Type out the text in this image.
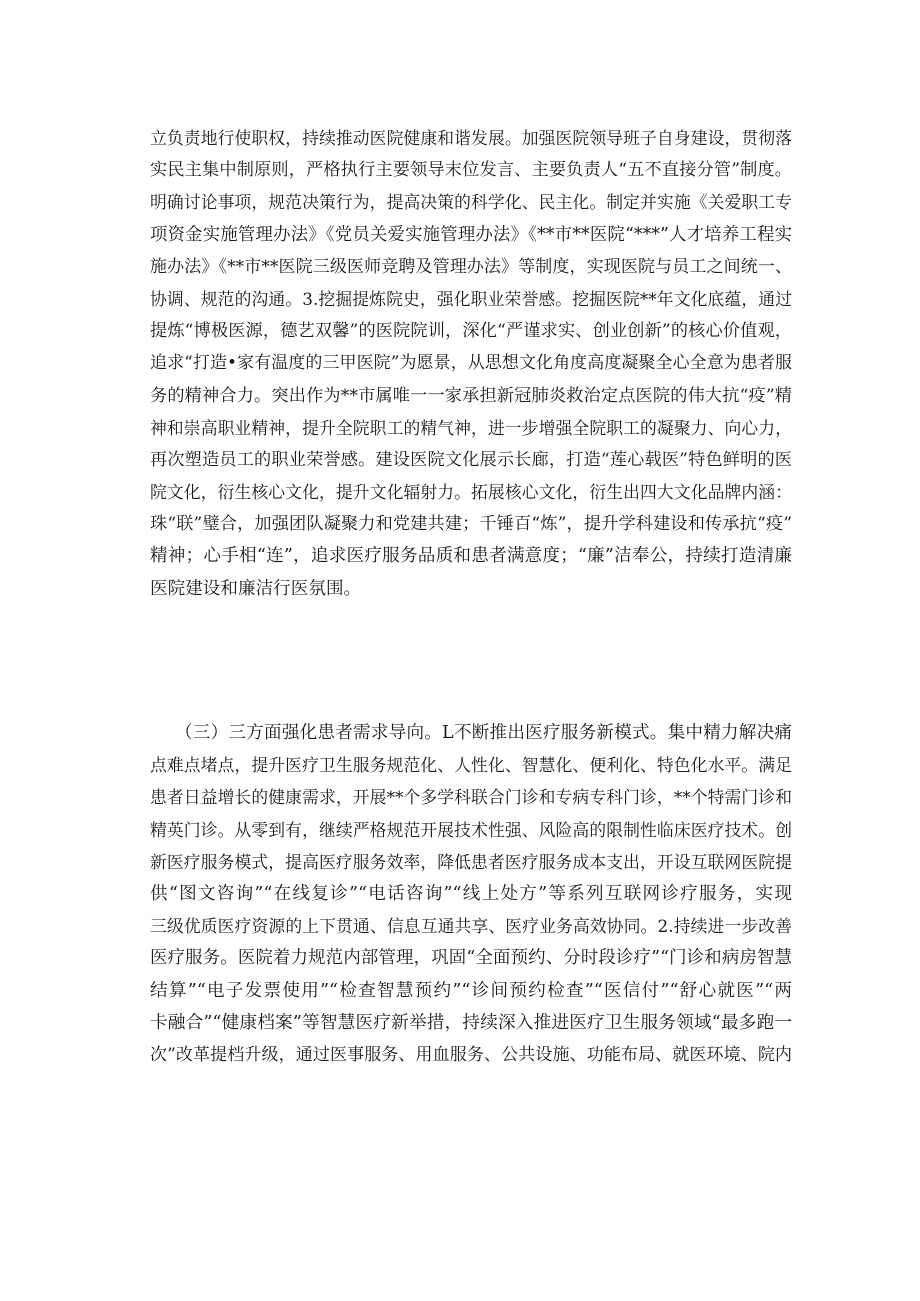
立负责地行使职权，持续推动医院健康和谐发展。加强医院领导班子自身建设，贯彻落
实民主集中制原则，严格执行主要领导末位发言、主要负责人“五不直接分管”制度。
明确讨论事项，规范决策行为，提高决策的科学化、民主化。制定并实施《关爱职工专
项资金实施管理办法》《党员关爱实施管理办法》《**市**医院“***”人才培养工程实
施办法》《**市**医院三级医师竞聘及管理办法》等制度，实现医院与员工之间统一、
协调、规范的沟通。3.挖掘提炼院史，强化职业荣誉感。挖掘医院**年文化底蕴，通过
提炼“博极医源，德艺双馨”的医院院训，深化“严谨求实、创业创新”的核心价值观，
追求“打造•家有温度的三甲医院”为愿景，从思想文化角度高度凝聚全心全意为患者服
务的精神合力。突出作为**市属唯一一家承担新冠肺炎救治定点医院的伟大抗“疫”精
神和崇高职业精神，提升全院职工的精气神，进一步增强全院职工的凝聚力、向心力，
再次塑造员工的职业荣誉感。建设医院文化展示长廊，打造“莲心载医”特色鲜明的医
院文化，衍生核心文化，提升文化辐射力。拓展核心文化，衍生出四大文化品牌内涵：
珠“联”璧合，加强团队凝聚力和党建共建；千锤百“炼”，提升学科建设和传承抗“疫”
精神；心手相“连”，追求医疗服务品质和患者满意度；“廉”洁奉公，持续打造清廉
医院建设和廉洁行医氛围。
（三）三方面强化患者需求导向。L不断推出医疗服务新模式。集中精力解决痛
点难点堵点，提升医疗卫生服务规范化、人性化、智慧化、便利化、特色化水平。满足
患者日益增长的健康需求，开展**个多学科联合门诊和专病专科门诊，**个特需门诊和
精英门诊。从零到有，继续严格规范开展技术性强、风险高的限制性临床医疗技术。创
新医疗服务模式，提高医疗服务效率，降低患者医疗服务成本支出，开设互联网医院提
供“图文咨询”“在线复诊”“电话咨询”“线上处方”等系列互联网诊疗服务，实现
三级优质医疗资源的上下贯通、信息互通共享、医疗业务高效协同。2.持续进一步改善
医疗服务。医院着力规范内部管理，巩固“全面预约、分时段诊疗”“门诊和病房智慧
结算”“电子发票使用”“检查智慧预约”“诊间预约检查”“医信付”“舒心就医”“两
卡融合”“健康档案”等智慧医疗新举措，持续深入推进医疗卫生服务领域“最多跑一
次”改革提档升级，通过医事服务、用血服务、公共设施、功能布局、就医环境、院内
